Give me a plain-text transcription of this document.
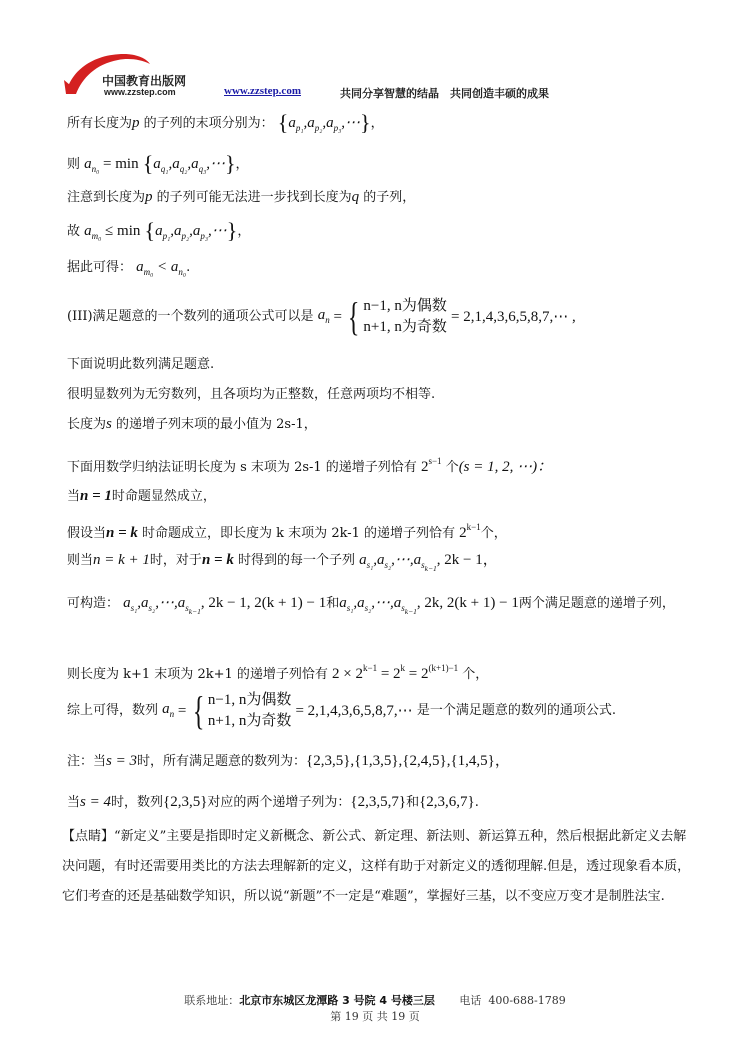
中国教育出版网
www.zzstep.com	www.zzstep.com	共同分享智慧的结晶　共同创造丰硕的成果
所有长度为p 的子列的末项分别为： $\{a_{p_1},a_{p_2},a_{p_3},\cdots\}$，
则 $a_{n_0} = \min$ $\{a_{q_1},a_{q_2},a_{q_3},\cdots\}$，
注意到长度为p 的子列可能无法进一步找到长度为q 的子列，
故 $a_{m_0} \le \min$ $\{a_{p_1},a_{p_2},a_{p_3},\cdots\}$，
据此可得： $a_{m_0} < a_{n_0}$.
(III)满足题意的一个数列的通项公式可以是 $a_n$ = { n−1, n为偶数
n+1, n为奇数
= 2,1,4,3,6,5,8,7,⋯ ,
下面说明此数列满足题意.
很明显数列为无穷数列，且各项均为正整数，任意两项均不相等.
长度为s 的递增子列末项的最小值为 2s-1，
下面用数学归纳法证明长度为 s 末项为 2s-1 的递增子列恰有 $2^{s-1}$ 个(s = 1, 2, ⋯)：
当n = 1时命题显然成立，
假设当n = k 时命题成立，即长度为 k 末项为 2k-1 的递增子列恰有 $2^{k-1}$个，
则当n = k + 1时，对于n = k 时得到的每一个子列 $a_{s_1},a_{s_2},\cdots,a_{s_{k-1}}$, 2k − 1，
可构造： $a_{s_1},a_{s_2},\cdots,a_{s_{k-1}}$, 2k − 1, 2(k + 1) − 1和$a_{s_1},a_{s_2},\cdots,a_{s_{k-1}}$, 2k, 2(k + 1) − 1两个满足题意的递增子列，
则长度为 k+1 末项为 2k+1 的递增子列恰有 $2 \times 2^{k-1} = 2^k = 2^{(k+1)-1}$ 个，
综上可得，数列 $a_n$ = { n−1, n为偶数
n+1, n为奇数
= 2,1,4,3,6,5,8,7,⋯ 是一个满足题意的数列的通项公式.
注：当s = 3时，所有满足题意的数列为：{2,3,5},{1,3,5},{2,4,5},{1,4,5}，
当s = 4时，数列{2,3,5}对应的两个递增子列为：{2,3,5,7}和{2,3,6,7}.
【点睛】“新定义”主要是指即时定义新概念、新公式、新定理、新法则、新运算五种，然后根据此新定义去解决问题，有时还需要用类比的方法去理解新的定义，这样有助于对新定义的透彻理解.但是，透过现象看本质，它们考查的还是基础数学知识，所以说“新题”不一定是“难题”，掌握好三基，以不变应万变才是制胜法宝.
联系地址：北京市东城区龙潭路 3 号院 4 号楼三层 电话 400-688-1789
第 19 页 共 19 页
